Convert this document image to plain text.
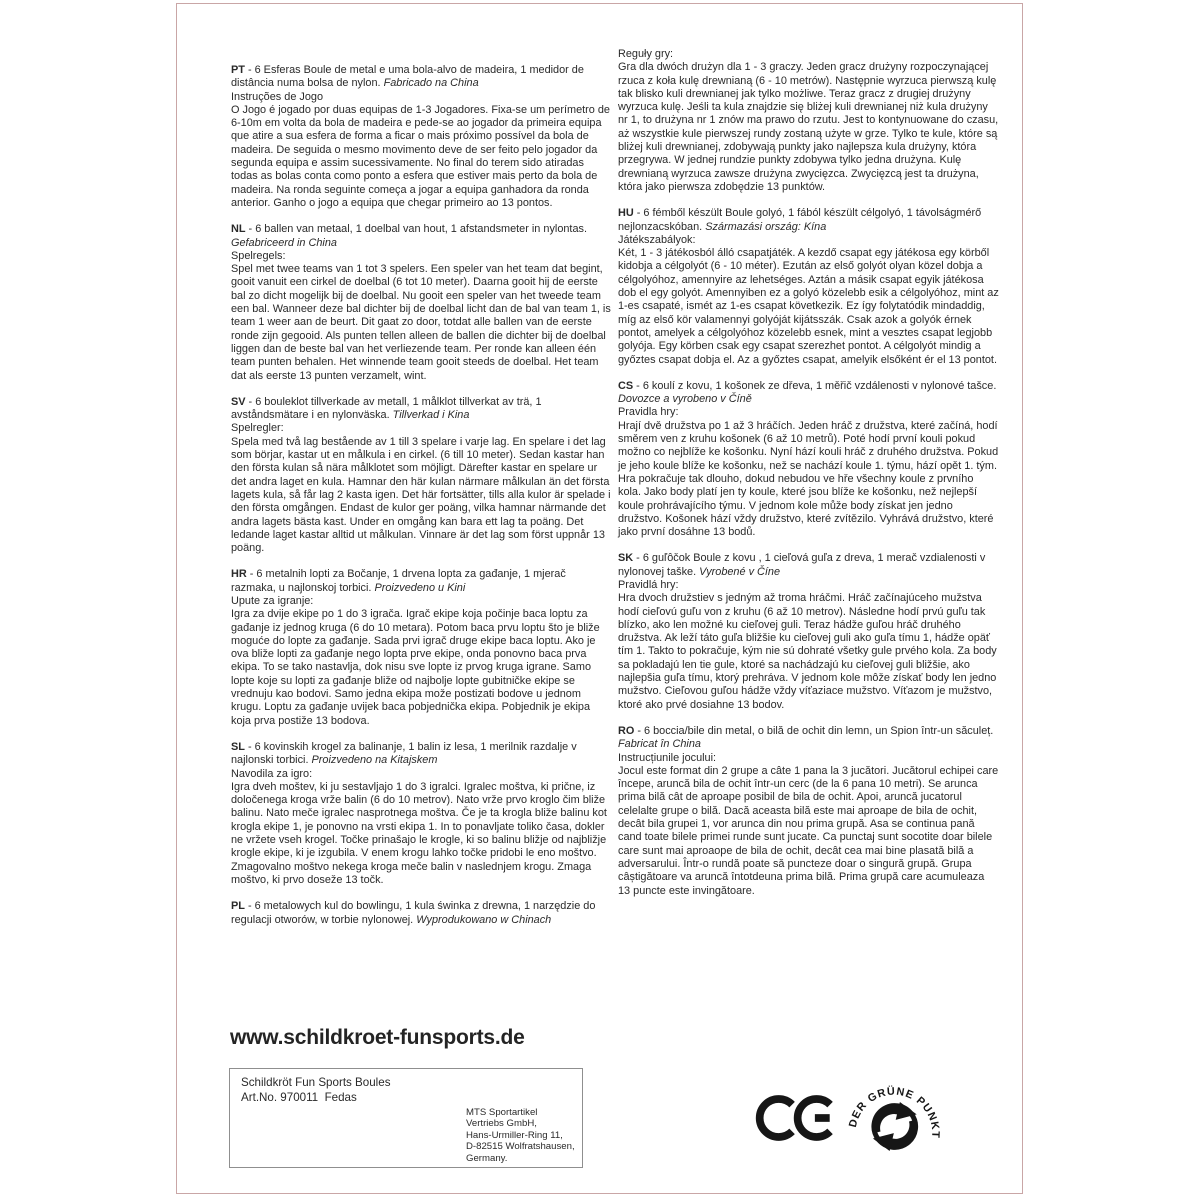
PT - 6 Esferas Boule de metal e uma bola-alvo de madeira, 1 medidor de distância numa bolsa de nylon. Fabricado na China

Instruções de Jogo

O Jogo é jogado por duas equipas de 1-3 Jogadores. Fixa-se um perímetro de 6-10m em volta da bola de madeira e pede-se ao jogador da primeira equipa que atire a sua esfera de forma a ficar o mais próximo possível da bola de madeira. De seguida o mesmo movimento deve de ser feito pelo jogador da segunda equipa e assim sucessivamente. No final do terem sido atiradas todas as bolas conta como ponto a esfera que estiver mais perto da bola de madeira. Na ronda seguinte começa a jogar a equipa ganhadora da ronda anterior. Ganho o jogo a equipa que chegar primeiro ao 13 pontos.

NL - 6 ballen van metaal, 1 doelbal van hout, 1 afstandsmeter in nylontas. Gefabriceerd in China

Spelregels:

Spel met twee teams van 1 tot 3 spelers. Een speler van het team dat begint, gooit vanuit een cirkel de doelbal (6 tot 10 meter). Daarna gooit hij de eerste bal zo dicht mogelijk bij de doelbal. Nu gooit een speler van het tweede team een bal. Wanneer deze bal dichter bij de doelbal licht dan de bal van team 1, is team 1 weer aan de beurt. Dit gaat zo door, totdat alle ballen van de eerste ronde zijn gegooid. Als punten tellen alleen de ballen die dichter bij de doelbal liggen dan de beste bal van het verliezende team. Per ronde kan alleen één team punten behalen. Het winnende team gooit steeds de doelbal. Het team dat als eerste 13 punten verzamelt, wint.

SV - 6 bouleklot tillverkade av metall, 1 målklot tillverkat av trä, 1 avståndsmätare i en nylonväska. Tillverkad i Kina

Spelregler:

Spela med två lag bestående av 1 till 3 spelare i varje lag. En spelare i det lag som börjar, kastar ut en målkula i en cirkel. (6 till 10 meter). Sedan kastar han den första kulan så nära målklotet som möjligt. Därefter kastar en spelare ur det andra laget en kula. Hamnar den här kulan närmare målkulan än det första lagets kula, så får lag 2 kasta igen. Det här fortsätter, tills alla kulor är spelade i den första omgången. Endast de kulor ger poäng, vilka hamnar närmande det andra lagets bästa kast. Under en omgång kan bara ett lag ta poäng. Det ledande laget kastar alltid ut målkulan. Vinnare är det lag som först uppnår 13 poäng.

HR - 6 metalnih lopti za Bočanje, 1 drvena lopta za gađanje, 1 mjerač razmaka, u najlonskoj torbici. Proizvedeno u Kini

Upute za igranje:

Igra za dvije ekipe po 1 do 3 igrača. Igrač ekipe koja počinje baca loptu za gađanje iz jednog kruga (6 do 10 metara). Potom baca prvu loptu što je bliže moguće do lopte za gađanje. Sada prvi igrač druge ekipe baca loptu. Ako je ova bliže lopti za gađanje nego lopta prve ekipe, onda ponovno baca prva ekipa. To se tako nastavlja, dok nisu sve lopte iz prvog kruga igrane. Samo lopte koje su lopti za gađanje bliže od najbolje lopte gubitničke ekipe se vrednuju kao bodovi. Samo jedna ekipa može postizati bodove u jednom krugu. Loptu za gađanje uvijek baca pobjednička ekipa. Pobjednik je ekipa koja prva postiže 13 bodova.

SL - 6 kovinskih krogel za balinanje, 1 balin iz lesa, 1 merilnik razdalje v najlonski torbici. Proizvedeno na Kitajskem

Navodila za igro:

Igra dveh moštev, ki ju sestavljajo 1 do 3 igralci. Igralec moštva, ki prične, iz določenega kroga vrže balin (6 do 10 metrov). Nato vrže prvo kroglo čim bliže balinu. Nato meče igralec nasprotnega moštva. Če je ta krogla bliže balinu kot krogla ekipe 1, je ponovno na vrsti ekipa 1. In to ponavljate toliko časa, dokler ne vržete vseh krogel. Točke prinašajo le krogle, ki so balinu bližje od najbližje krogle ekipe, ki je izgubila. V enem krogu lahko točke pridobi le eno moštvo. Zmagovalno moštvo nekega kroga meče balin v naslednjem krogu. Zmaga moštvo, ki prvo doseže 13 točk.

PL - 6 metalowych kul do bowlingu, 1 kula świnka z drewna, 1 narzędzie do regulacji otworów, w torbie nylonowej. Wyprodukowano w Chinach

Reguły gry:

Gra dla dwóch drużyn dla 1 - 3 graczy. Jeden gracz drużyny rozpoczynającej rzuca z koła kulę drewnianą (6 - 10 metrów). Następnie wyrzuca pierwszą kulę tak blisko kuli drewnianej jak tylko możliwe. Teraz gracz z drugiej drużyny wyrzuca kulę. Jeśli ta kula znajdzie się bliżej kuli drewnianej niż kula drużyny nr 1, to drużyna nr 1 znów ma prawo do rzutu. Jest to kontynuowane do czasu, aż wszystkie kule pierwszej rundy zostaną użyte w grze. Tylko te kule, które są bliżej kuli drewnianej, zdobywają punkty jako najlepsza kula drużyny, która przegrywa. W jednej rundzie punkty zdobywa tylko jedna drużyna. Kulę drewnianą wyrzuca zawsze drużyna zwycięzca. Zwycięzcą jest ta drużyna, która jako pierwsza zdobędzie 13 punktów.

HU - 6 fémből készült Boule golyó, 1 fából készült célgolyó, 1 távolságmérő nejlonzacskóban. Származási ország: Kína

Játékszabályok:

Két, 1 - 3 játékosból álló csapatjáték. A kezdő csapat egy játékosa egy körből kidobja a célgolyót (6 - 10 méter). Ezután az első golyót olyan közel dobja a célgolyóhoz, amennyire az lehetséges. Aztán a másik csapat egyik játékosa dob el egy golyót. Amennyiben ez a golyó közelebb esik a célgolyóhoz, mint az 1-es csapaté, ismét az 1-es csapat következik. Ez így folytatódik mindaddig, míg az első kör valamennyi golyóját kijátsszák. Csak azok a golyók érnek pontot, amelyek a célgolyóhoz közelebb esnek, mint a vesztes csapat legjobb golyója. Egy körben csak egy csapat szerezhet pontot. A célgolyót mindig a győztes csapat dobja el. Az a győztes csapat, amelyik elsőként ér el 13 pontot.

CS - 6 koulí z kovu, 1 košonek ze dřeva, 1 měřič vzdálenosti v nylonové tašce. Dovozce a vyrobeno v Číně

Pravidla hry:

Hrají dvě družstva po 1 až 3 hráčích. Jeden hráč z družstva, které začíná, hodí směrem ven z kruhu košonek (6 až 10 metrů). Poté hodí první kouli pokud možno co nejblíže ke košonku. Nyní hází kouli hráč z druhého družstva. Pokud je jeho koule blíže ke košonku, než se nachází koule 1. týmu, hází opět 1. tým. Hra pokračuje tak dlouho, dokud nebudou ve hře všechny koule z prvního kola. Jako body platí jen ty koule, které jsou blíže ke košonku, než nejlepší koule prohrávajícího týmu. V jednom kole může body získat jen jedno družstvo. Košonek hází vždy družstvo, které zvítězilo. Vyhrává družstvo, které jako první dosáhne 13 bodů.

SK - 6 guľôčok Boule z kovu , 1 cieľová guľa z dreva, 1 merač vzdialenosti v nylonovej taške. Vyrobené v Číne

Pravidlá hry:

Hra dvoch družstiev s jedným až troma hráčmi. Hráč začínajúceho mužstva hodí cieľovú guľu von z kruhu (6 až 10 metrov). Následne hodí prvú guľu tak blízko, ako len možné ku cieľovej guli. Teraz hádže guľou hráč druhého družstva. Ak leží táto guľa bližšie ku cieľovej guli ako guľa tímu 1, hádže opäť tím 1. Takto to pokračuje, kým nie sú dohraté všetky gule prvého kola. Za body sa pokladajú len tie gule, ktoré sa nachádzajú ku cieľovej guli bližšie, ako najlepšia guľa tímu, ktorý prehráva. V jednom kole môže získať body len jedno mužstvo. Cieľovou guľou hádže vždy víťaziace mužstvo. Víťazom je mužstvo, ktoré ako prvé dosiahne 13 bodov.

RO - 6 boccia/bile din metal, o bilă de ochit din lemn, un Spion într-un săculeț. Fabricat în China

Instrucțiunile jocului:

Jocul este format din 2 grupe a câte 1 pana la 3 jucători. Jucătorul echipei care începe, aruncă bila de ochit într-un cerc (de la 6 pana 10 metri). Se arunca prima bilă cât de aproape posibil de bila de ochit. Apoi, aruncă jucatorul celelalte grupe o bilă. Dacă aceasta bilă este mai aproape de bila de ochit, decât bila grupei 1, vor arunca din nou prima grupă. Asa se continua pană cand toate bilele primei runde sunt jucate. Ca punctaj sunt socotite doar bilele care sunt mai aproaope de bila de ochit, decât cea mai bine plasată bilă a adversarului. Într-o rundă poate să puncteze doar o singură grupă. Grupa câștigătoare va aruncă întotdeuna prima bilă. Prima grupă care acumuleaza 13 puncte este invingătoare.

www.schildkroet-funsports.de
Schildkröt Fun Sports Boules
Art.No. 970011  Fedas
MTS Sportartikel
Vertriebs GmbH,
Hans-Urmiller-Ring 11,
D-82515 Wolfratshausen,
Germany.
DER GRÜNE PUNKT
